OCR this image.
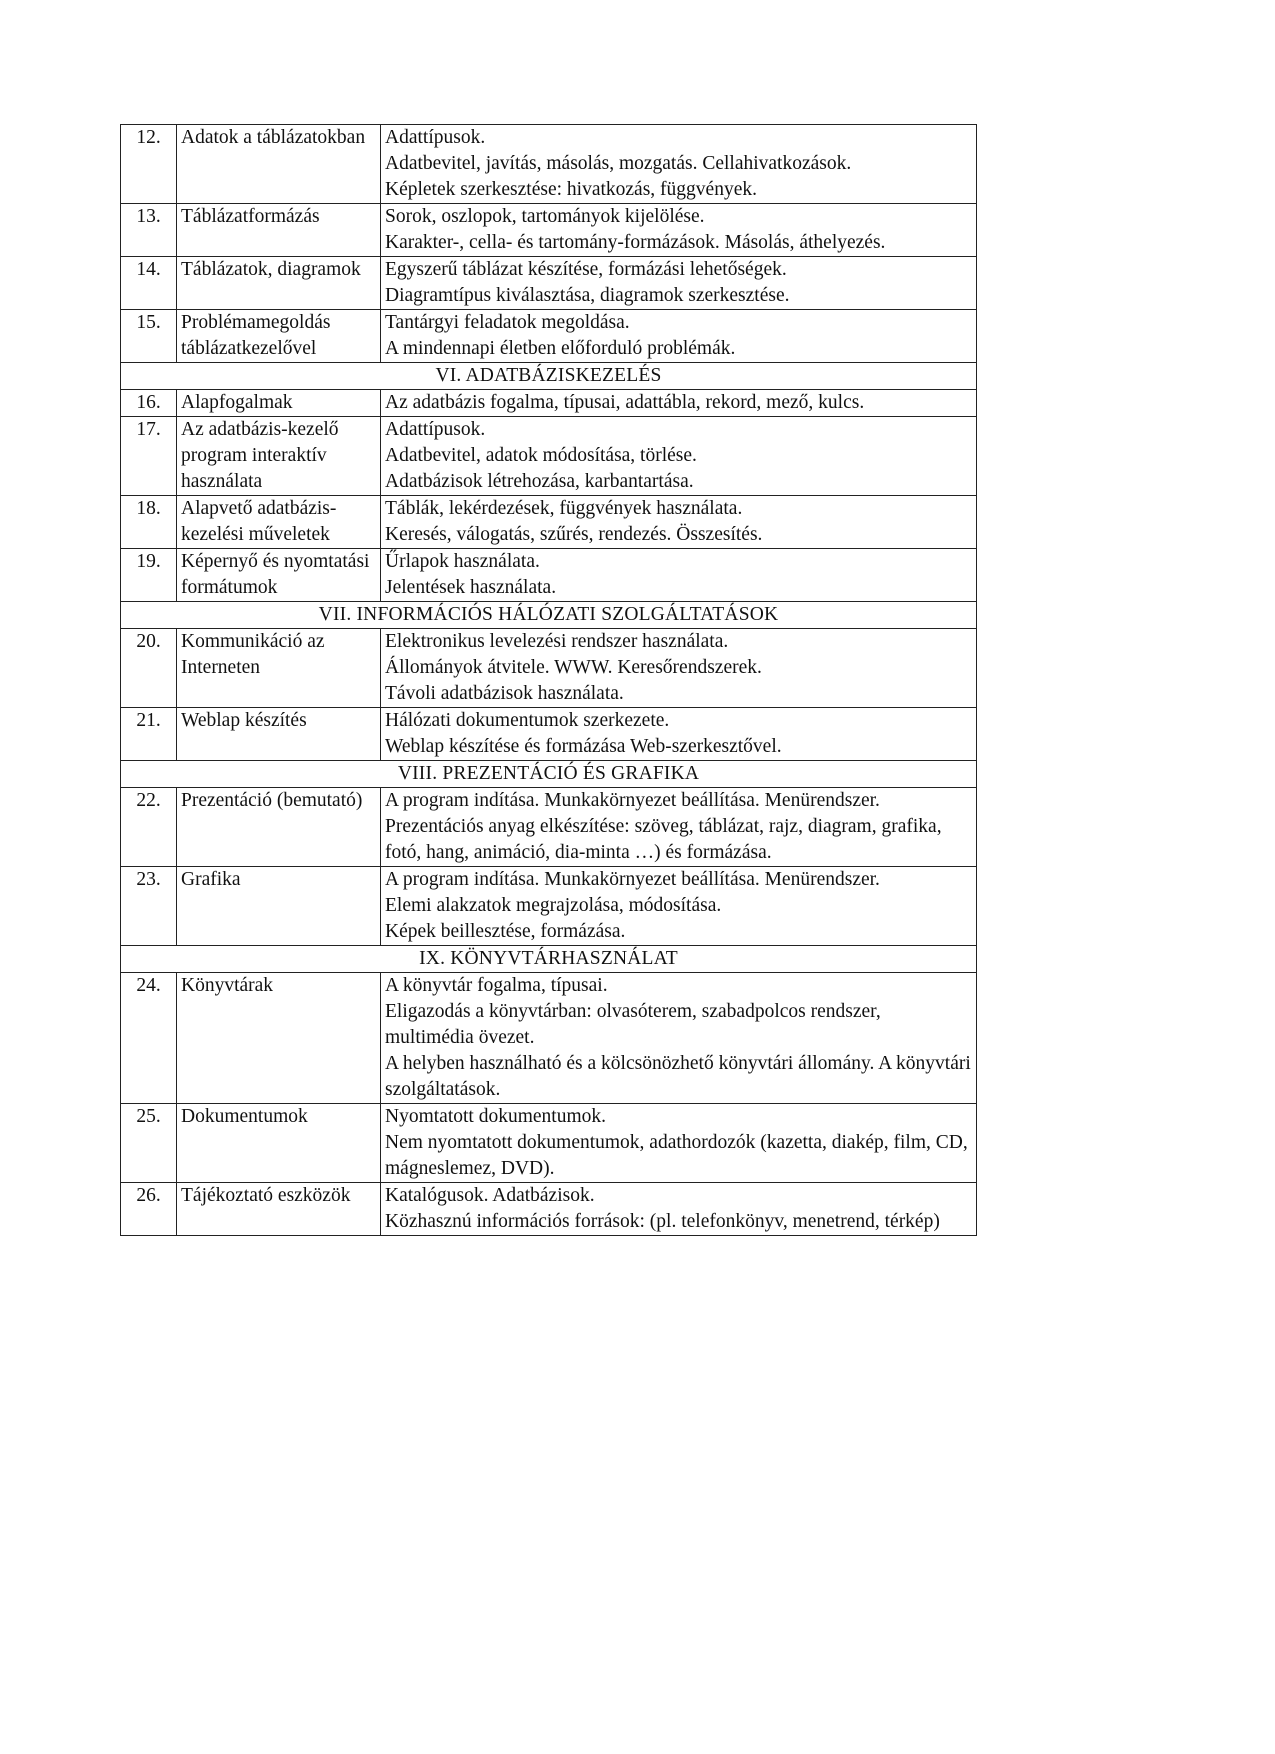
12.	Adatok a táblázatokban	Adattípusok.
Adatbevitel, javítás, másolás, mozgatás. Cellahivatkozások.
Képletek szerkesztése: hivatkozás, függvények.

13.	Táblázatformázás	Sorok, oszlopok, tartományok kijelölése.
Karakter-, cella- és tartomány-formázások. Másolás, áthelyezés.

14.	Táblázatok, diagramok	Egyszerű táblázat készítése, formázási lehetőségek.
Diagramtípus kiválasztása, diagramok szerkesztése.

15.	Problémamegoldás táblázatkezelővel	Tantárgyi feladatok megoldása.
A mindennapi életben előforduló problémák.

VI. ADATBÁZISKEZELÉS		
16.	Alapfogalmak	Az adatbázis fogalma, típusai, adattábla, rekord, mező, kulcs.

17.	Az adatbázis-kezelő program interaktív használata	Adattípusok.
Adatbevitel, adatok módosítása, törlése.
Adatbázisok létrehozása, karbantartása.

18.	Alapvető adatbázis-kezelési műveletek	Táblák, lekérdezések, függvények használata.
Keresés, válogatás, szűrés, rendezés. Összesítés.

19.	Képernyő és nyomtatási formátumok	Űrlapok használata.
Jelentések használata.

VII. INFORMÁCIÓS HÁLÓZATI SZOLGÁLTATÁSOK		
20.	Kommunikáció az Interneten	Elektronikus levelezési rendszer használata.
Állományok átvitele. WWW. Keresőrendszerek.
Távoli adatbázisok használata.

21.	Weblap készítés	Hálózati dokumentumok szerkezete.
Weblap készítése és formázása Web-szerkesztővel.

VIII. PREZENTÁCIÓ ÉS GRAFIKA		
22.	Prezentáció (bemutató)	A program indítása. Munkakörnyezet beállítása. Menürendszer.
Prezentációs anyag elkészítése: szöveg, táblázat, rajz, diagram, grafika, fotó, hang, animáció, dia-minta …) és formázása.

23.	Grafika	A program indítása. Munkakörnyezet beállítása. Menürendszer.
Elemi alakzatok megrajzolása, módosítása.
Képek beillesztése, formázása.

IX. KÖNYVTÁRHASZNÁLAT		
24.	Könyvtárak	A könyvtár fogalma, típusai.
Eligazodás a könyvtárban: olvasóterem, szabadpolcos rendszer, multimédia övezet.
A helyben használható és a kölcsönözhető könyvtári állomány. A könyvtári szolgáltatások.

25.	Dokumentumok	Nyomtatott dokumentumok.
Nem nyomtatott dokumentumok, adathordozók (kazetta, diakép, film, CD, mágneslemez, DVD).

26.	Tájékoztató eszközök	Katalógusok. Adatbázisok.
Közhasznú információs források: (pl. telefonkönyv, menetrend, térkép)
